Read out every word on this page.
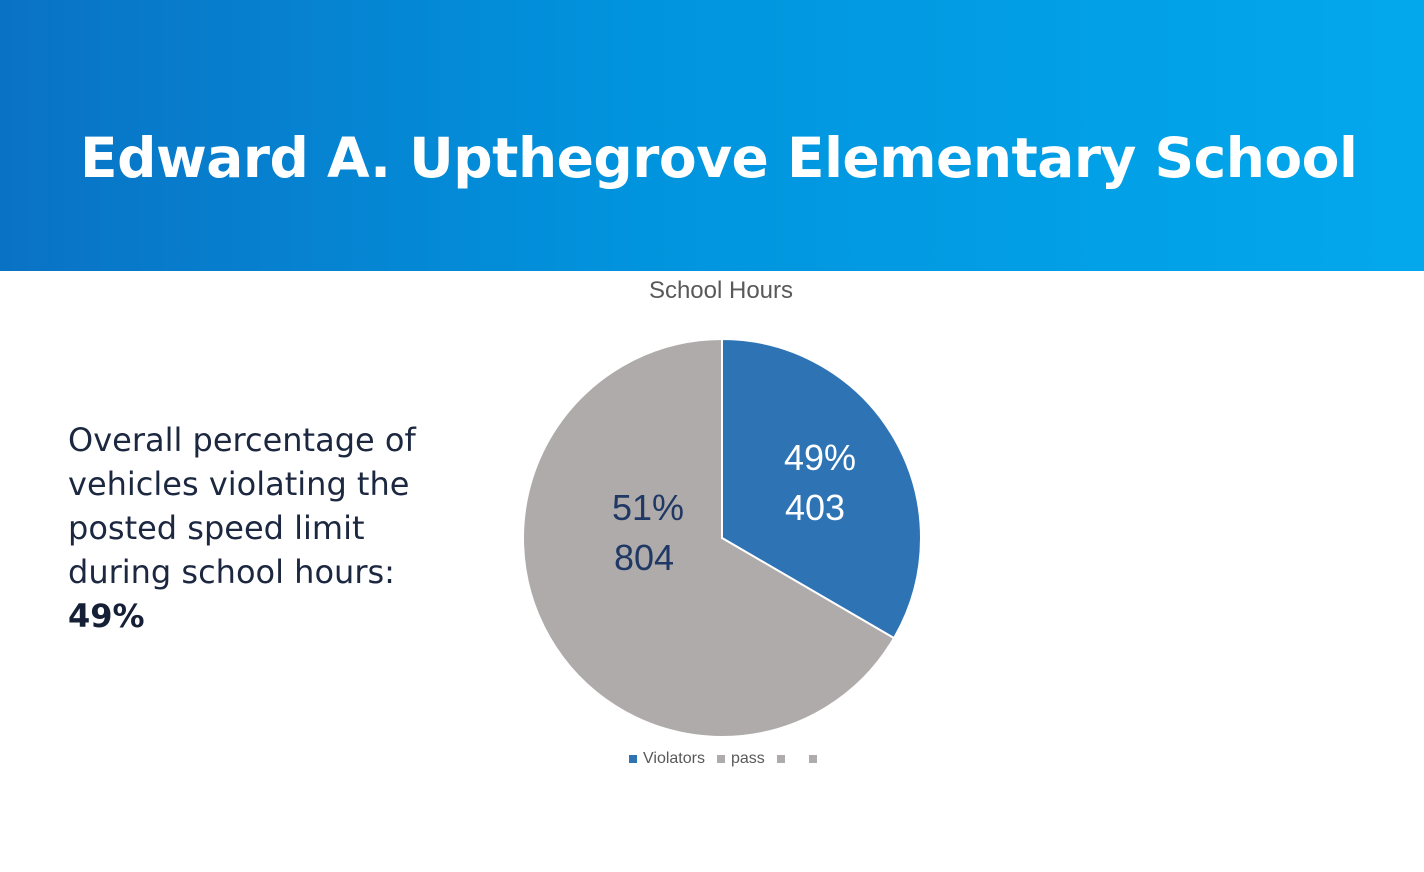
Edward A. Upthegrove Elementary School
Overall percentage of vehicles violating the posted speed limit during school hours: 49%
School Hours
49%
403
51%
804
Violators pass
